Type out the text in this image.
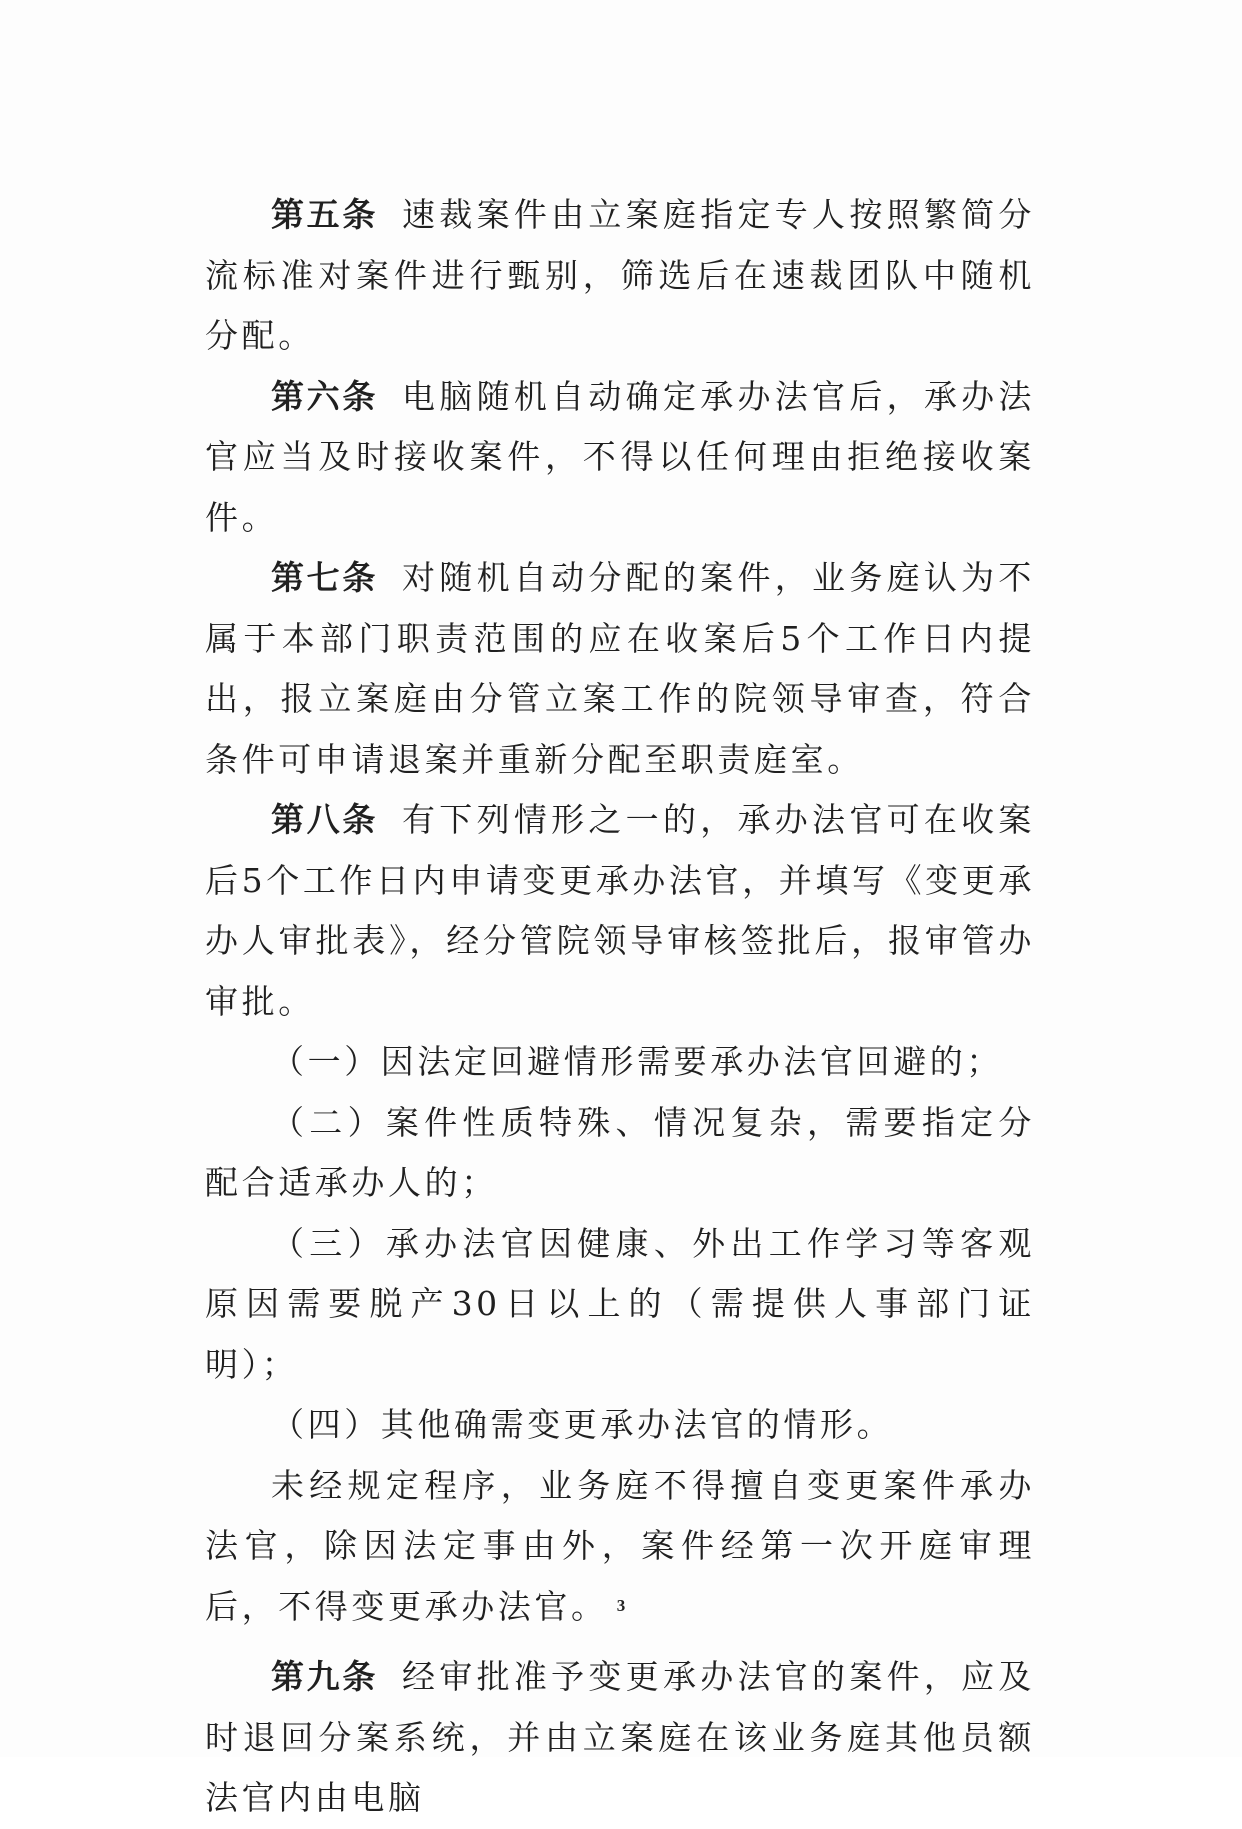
第五条 速裁案件由立案庭指定专人按照繁简分流标准对案件进行甄别，筛选后在速裁团队中随机分配。

第六条 电脑随机自动确定承办法官后，承办法官应当及时接收案件，不得以任何理由拒绝接收案件。

第七条 对随机自动分配的案件，业务庭认为不属于本部门职责范围的应在收案后5个工作日内提出，报立案庭由分管立案工作的院领导审查，符合条件可申请退案并重新分配至职责庭室。

第八条 有下列情形之一的，承办法官可在收案后5个工作日内申请变更承办法官，并填写《变更承办人审批表》，经分管院领导审核签批后，报审管办审批。

（一）因法定回避情形需要承办法官回避的；

（二）案件性质特殊、情况复杂，需要指定分配合适承办人的；

（三）承办法官因健康、外出工作学习等客观原因需要脱产30日以上的（需提供人事部门证明）；

（四）其他确需变更承办法官的情形。

未经规定程序，业务庭不得擅自变更案件承办法官，除因法定事由外，案件经第一次开庭审理后，不得变更承办法官。

第九条 经审批准予变更承办法官的案件，应及时退回分案系统，并由立案庭在该业务庭其他员额法官内由电脑

3
